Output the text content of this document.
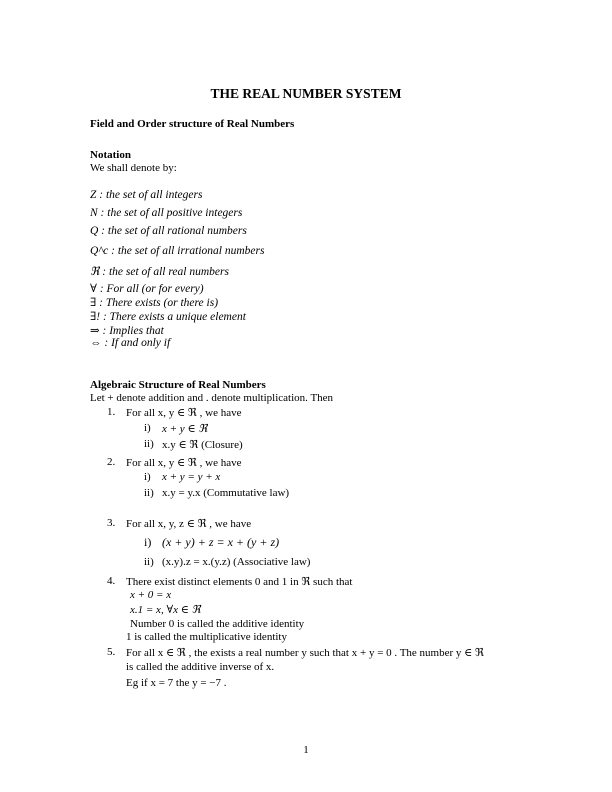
THE REAL NUMBER SYSTEM
Field and Order structure of Real Numbers
Notation
We shall denote by:
Z : the set of all integers
N : the set of all positive integers
Q : the set of all rational numbers
Q^c : the set of all irrational numbers
ℜ : the set of all real numbers
∀ : For all (or for every)
∃ : There exists (or there is)
∃! : There exists a unique element
⇒ : Implies that
⇔ : If and only if
Algebraic Structure of Real Numbers
Let + denote addition and . denote multiplication. Then
1. For all x, y ∈ ℜ , we have
i) x + y ∈ ℜ
ii) x.y ∈ ℜ (Closure)
2. For all x, y ∈ ℜ , we have
i) x + y = y + x
ii) x.y = y.x (Commutative law)
3. For all x, y, z ∈ ℜ , we have
i) (x + y) + z = x + (y + z)
ii) (x.y).z = x.(y.z) (Associative law)
4. There exist distinct elements 0 and 1 in ℜ such that
x + 0 = x
x.1 = x, ∀x ∈ ℜ
Number 0 is called the additive identity
1 is called the multiplicative identity
5. For all x ∈ ℜ , the exists a real number y such that x + y = 0 . The number y ∈ ℜ
is called the additive inverse of x.
Eg if x = 7 the y = −7 .
1
